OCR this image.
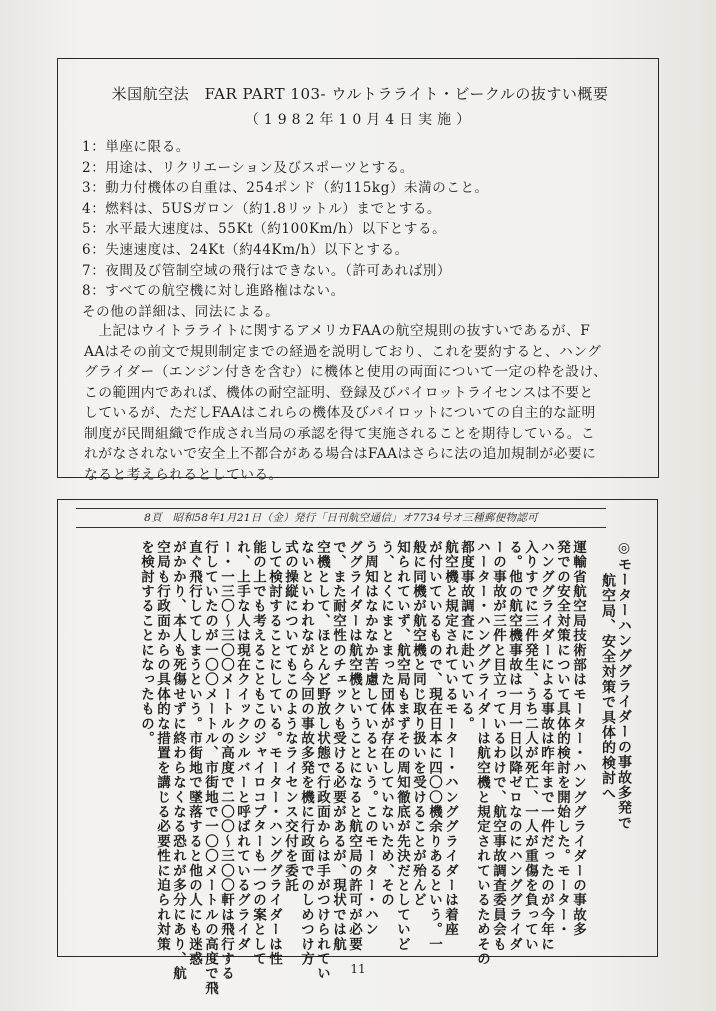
米国航空法　FAR PART 103- ウルトラライト・ビークルの抜すい概要
（1982年10月4日実施）
1：単座に限る。
2：用途は、リクリエーション及びスポーツとする。
3：動力付機体の自重は、254ポンド（約115kg）未満のこと。
4：燃料は、5USガロン（約1.8リットル）までとする。
5：水平最大速度は、55Kt（約100Km/h）以下とする。
6：失速速度は、24Kt（約44Km/h）以下とする。
7：夜間及び管制空域の飛行はできない。（許可あれば別）
8：すべての航空機に対し進路権はない。
その他の詳細は、同法による。
　上記はウイトラライトに関するアメリカFAAの航空規則の抜すいであるが、F
AAはその前文で規則制定までの経過を説明しており、これを要約すると、ハング
グライダー（エンジン付きを含む）に機体と使用の両面について一定の枠を設け、
この範囲内であれば、機体の耐空証明、登録及びパイロットライセンスは不要と
しているが、ただしFAAはこれらの機体及びパイロットについての自主的な証明
制度が民間組織で作成され当局の承認を得て実施されることを期待している。こ
れがなされないで安全上不都合がある場合はFAAはさらに法の追加規制が必要に
なると考えられるとしている。
8頁　昭和58年1月21日（金）発行「日刊航空通信」オ7734号オ三種郵便物認可
◎モーターハンググライダーの事故多発で
　航空局、安全対策で具体的検討へ
運輸省航空局技術部はモーター・ハンググライダーの事故多
発での安全対策について具体的検討を開始した。モーター・
ハンググライダーによる事故は昨年まで一件だったのが今年に
入りすでに三件発生、うち二人が死亡、一人が重傷を負ってい
る。他の航空機事故は一月一日以降ゼロなのにハンググライダ
ーの事故が三件と目立っているわけで、航空事故調査委員会も
ハーター・ハンググライダーは航空機と規定されているためその
都度事故調査に赴いている。
航空機と規定されているモーター・ハンググライダーは着座
が付いているもので、現在日本に四〇〇機余りあるという。一
般に同機が航空機と同じ取り扱いを受けることが殆んど
知られていず、航空局もまずその周知徹底が先決だとしていど
う、とくにまとまった団体が存在していないため、その
う周知はなかなか苦慮しているという。このモーター・ハン
ググライダーは航空機ということになると航空局の許可が必要
で、また耐空性のチェックも受ける必要があるが、現状では航
空機として、ほとんど野放し状態で行政面からは手がつけられてい
ないといわれながら今回の事故多発を機に行政面でのしめつけ方
式の操縦についてもこのようなライセンス交付を委託
して検討することにしている。モーター・ハンググライダーは性
能の上でも考えることもこのジャイロコプターも一つの案として
れ、上手な人は現在クイックシルバーと呼ばれているグライダ
ー・一三〇〜三〇〇メートルの高度で二〇〇〜三〇〇軒は飛行する
行していたのが一〇〇メートル、市街地で一〇〇メートルの高度で飛
直ぐ飛行してしまうという。市街地で墜落すると他の人にも迷惑
がかかり、本人も死傷せずに終わらなくなる恐れが多分にあり、航
空局も行政面からの具体的な措置を講じる必要性に迫られ対策
を検討することになったもの。
11
